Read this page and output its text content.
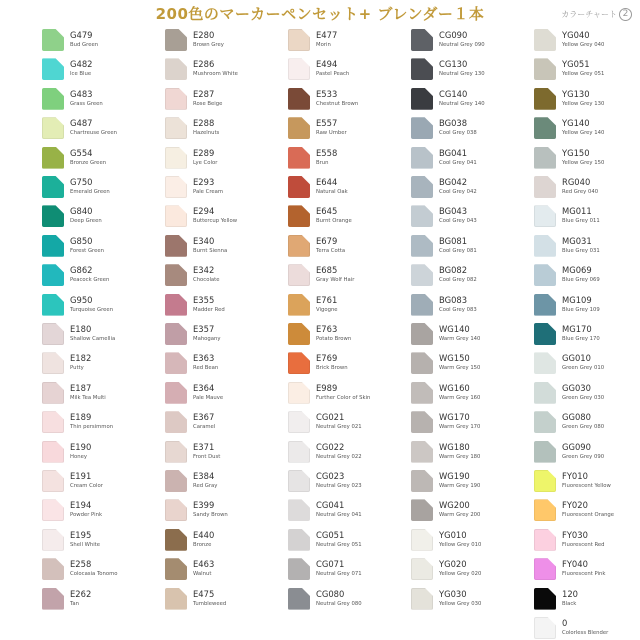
200色のマーカーペンセット+ ブレンダー１本	カラーチャート 2
G479
Bud Green
G482
Ice Blue
G483
Grass Green
G487
Chartreuse Green
G554
Bronze Green
G750
Emerald Green
G840
Deep Green
G850
Forest Green
G862
Peacock Green
G950
Turquoise Green
E180
Shallow Camellia
E182
Putty
E187
Milk Tea Multi
E189
Thin persimmon
E190
Honey
E191
Cream Color
E194
Powder Pink
E195
Shell White
E258
Colocasia Tonomo
E262
Tan
E280
Brown Grey
E286
Mushroom White
E287
Rose Beige
E288
Hazelnuts
E289
Lye Color
E293
Pale Cream
E294
Buttercup Yellow
E340
Burnt Sienna
E342
Chocolate
E355
Madder Red
E357
Mahogany
E363
Red Bean
E364
Pale Mauve
E367
Caramel
E371
Front Dust
E384
Red Gray
E399
Sandy Brown
E440
Bronze
E463
Walnut
E475
Tumbleweed
E477
Morin
E494
Pastel Peach
E533
Chestnut Brown
E557
Raw Umber
E558
Brun
E644
Natural Oak
E645
Burnt Orange
E679
Terra Cotta
E685
Gray Wolf Hair
E761
Vigogne
E763
Potato Brown
E769
Brick Brown
E989
Further Color of Skin
CG021
Neutral Grey 021
CG022
Neutral Grey 022
CG023
Neutral Grey 023
CG041
Neutral Grey 041
CG051
Neutral Grey 051
CG071
Neutral Grey 071
CG080
Neutral Grey 080
CG090
Neutral Grey 090
CG130
Neutral Grey 130
CG140
Neutral Grey 140
BG038
Cool Grey 038
BG041
Cool Grey 041
BG042
Cool Grey 042
BG043
Cool Grey 043
BG081
Cool Grey 081
BG082
Cool Grey 082
BG083
Cool Grey 083
WG140
Warm Grey 140
WG150
Warm Grey 150
WG160
Warm Grey 160
WG170
Warm Grey 170
WG180
Warm Grey 180
WG190
Warm Grey 190
WG200
Warm Grey 200
YG010
Yellow Grey 010
YG020
Yellow Grey 020
YG030
Yellow Grey 030
YG040
Yellow Grey 040
YG051
Yellow Grey 051
YG130
Yellow Grey 130
YG140
Yellow Grey 140
YG150
Yellow Grey 150
RG040
Red Grey 040
MG011
Blue Grey 011
MG031
Blue Grey 031
MG069
Blue Grey 069
MG109
Blue Grey 109
MG170
Blue Grey 170
GG010
Green Grey 010
GG030
Green Grey 030
GG080
Green Grey 080
GG090
Green Grey 090
FY010
Fluorescent Yellow
FY020
Fluorescent Orange
FY030
Fluorescent Red
FY040
Fluorescent Pink
120
Black
0
Colorless Blender
